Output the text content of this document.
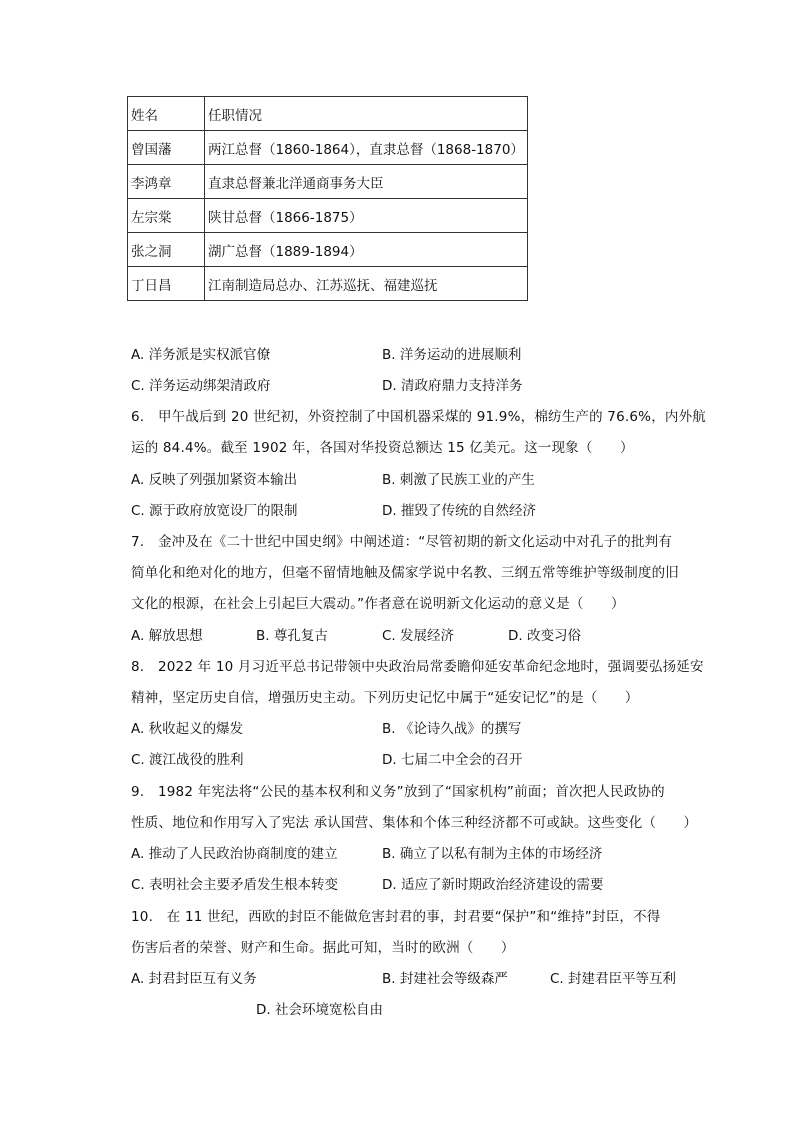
姓名	任职情况
曾国藩	两江总督（1860-1864），直隶总督（1868-1870）
李鸿章	直隶总督兼北洋通商事务大臣
左宗棠	陕甘总督（1866-1875）
张之洞	湖广总督（1889-1894）
丁日昌	江南制造局总办、江苏巡抚、福建巡抚
A. 洋务派是实权派官僚	B. 洋务运动的进展顺利
C. 洋务运动绑架清政府	D. 清政府鼎力支持洋务
6.　甲午战后到 20 世纪初，外资控制了中国机器采煤的 91.9%，棉纺生产的 76.6%，内外航
运的 84.4%。截至 1902 年，各国对华投资总额达 15 亿美元。这一现象（　　）
A. 反映了列强加紧资本输出	B. 刺激了民族工业的产生
C. 源于政府放宽设厂的限制	D. 摧毁了传统的自然经济
7.　金冲及在《二十世纪中国史纲》中阐述道：“尽管初期的新文化运动中对孔子的批判有
简单化和绝对化的地方，但毫不留情地触及儒家学说中名教、三纲五常等维护等级制度的旧
文化的根源，在社会上引起巨大震动。”作者意在说明新文化运动的意义是（　　）
A. 解放思想	B. 尊孔复古	C. 发展经济	D. 改变习俗
8.　2022 年 10 月习近平总书记带领中央政治局常委瞻仰延安革命纪念地时，强调要弘扬延安
精神，坚定历史自信，增强历史主动。下列历史记忆中属于“延安记忆”的是（　　）
A. 秋收起义的爆发	B. 《论诗久战》的撰写
C. 渡江战役的胜利	D. 七届二中全会的召开
9.　1982 年宪法将“公民的基本权利和义务”放到了“国家机构”前面；首次把人民政协的
性质、地位和作用写入了宪法 承认国营、集体和个体三种经济都不可或缺。这些变化（　　）
A. 推动了人民政治协商制度的建立	B. 确立了以私有制为主体的市场经济
C. 表明社会主要矛盾发生根本转变	D. 适应了新时期政治经济建设的需要
10.　在 11 世纪，西欧的封臣不能做危害封君的事，封君要“保护”和“维持”封臣，不得
伤害后者的荣誉、财产和生命。据此可知，当时的欧洲（　　）
A. 封君封臣互有义务	B. 封建社会等级森严	C. 封建君臣平等互利
D. 社会环境宽松自由
